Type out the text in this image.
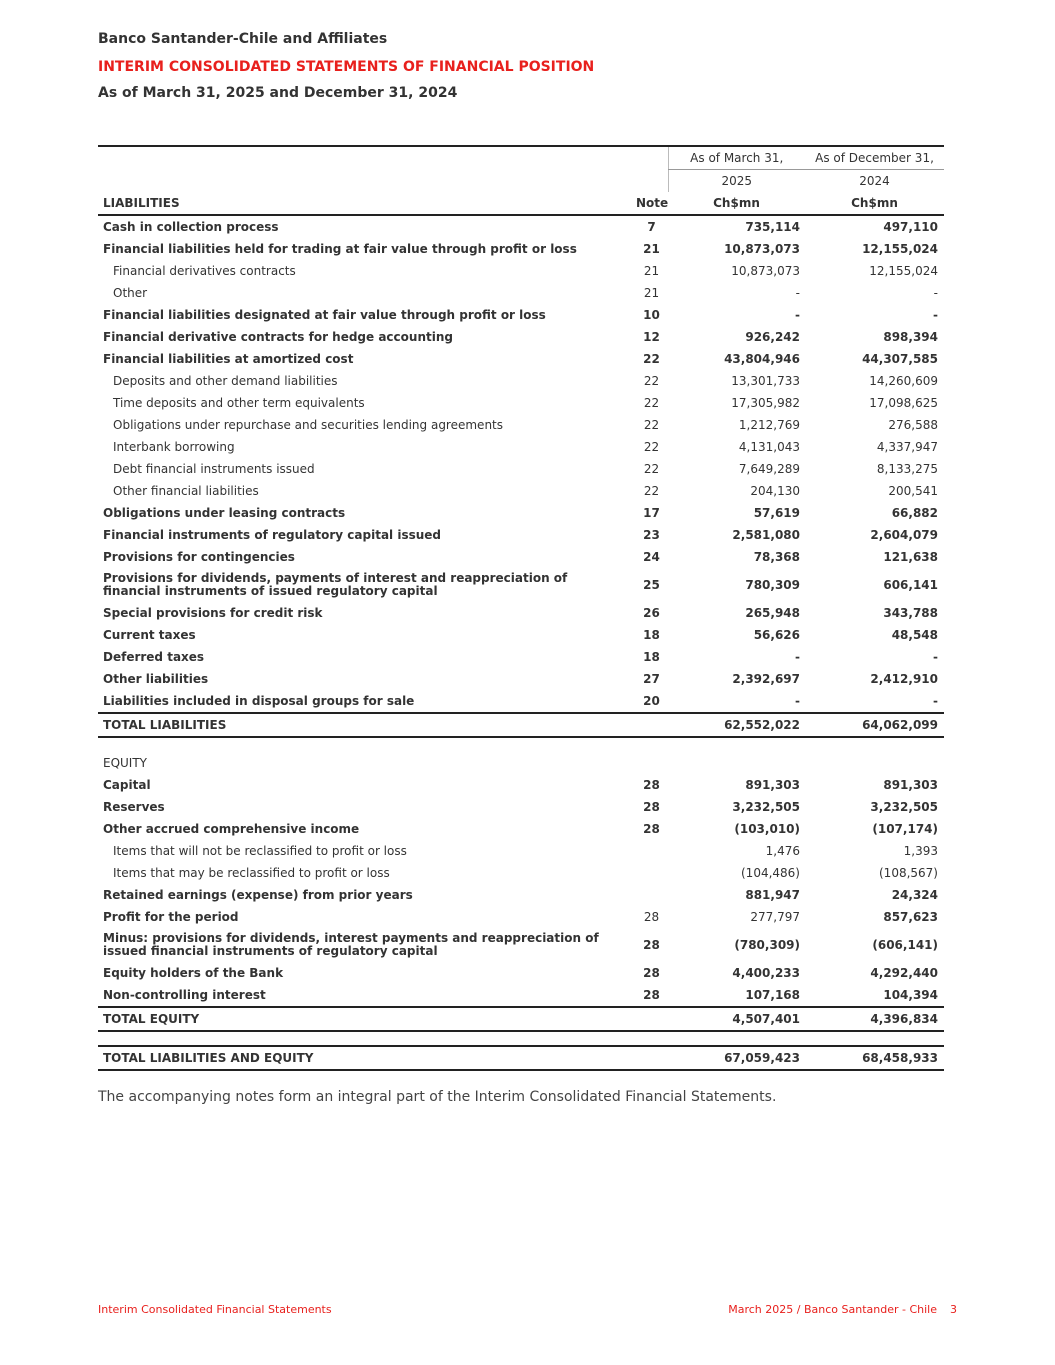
Banco Santander-Chile and Affiliates
INTERIM CONSOLIDATED STATEMENTS OF FINANCIAL POSITION
As of March 31, 2025 and December 31, 2024
		As of March 31,	As of December 31,
		2025	2024
LIABILITIES	Note	Ch$mn	Ch$mn
Cash in collection process	7	735,114	497,110
Financial liabilities held for trading at fair value through profit or loss	21	10,873,073	12,155,024
Financial derivatives contracts	21	10,873,073	12,155,024
Other	21	-	-
Financial liabilities designated at fair value through profit or loss	10	-	-
Financial derivative contracts for hedge accounting	12	926,242	898,394
Financial liabilities at amortized cost	22	43,804,946	44,307,585
Deposits and other demand liabilities	22	13,301,733	14,260,609
Time deposits and other term equivalents	22	17,305,982	17,098,625
Obligations under repurchase and securities lending agreements	22	1,212,769	276,588
Interbank borrowing	22	4,131,043	4,337,947
Debt financial instruments issued	22	7,649,289	8,133,275
Other financial liabilities	22	204,130	200,541
Obligations under leasing contracts	17	57,619	66,882
Financial instruments of regulatory capital issued	23	2,581,080	2,604,079
Provisions for contingencies	24	78,368	121,638
Provisions for dividends, payments of interest and reappreciation of financial instruments of issued regulatory capital	25	780,309	606,141
Special provisions for credit risk	26	265,948	343,788
Current taxes	18	56,626	48,548
Deferred taxes	18	-	-
Other liabilities	27	2,392,697	2,412,910
Liabilities included in disposal groups for sale	20	-	-
TOTAL LIABILITIES		62,552,022	64,062,099

EQUITY			
Capital	28	891,303	891,303
Reserves	28	3,232,505	3,232,505
Other accrued comprehensive income	28	(103,010)	(107,174)
Items that will not be reclassified to profit or loss		1,476	1,393
Items that may be reclassified to profit or loss		(104,486)	(108,567)
Retained earnings (expense) from prior years		881,947	24,324
Profit for the period	28	277,797	857,623
Minus: provisions for dividends, interest payments and reappreciation of issued financial instruments of regulatory capital	28	(780,309)	(606,141)
Equity holders of the Bank	28	4,400,233	4,292,440
Non-controlling interest	28	107,168	104,394
TOTAL EQUITY		4,507,401	4,396,834

TOTAL LIABILITIES AND EQUITY		67,059,423	68,458,933
The accompanying notes form an integral part of the Interim Consolidated Financial Statements.
Interim Consolidated Financial Statements	March 2025 / Banco Santander - Chile 3
